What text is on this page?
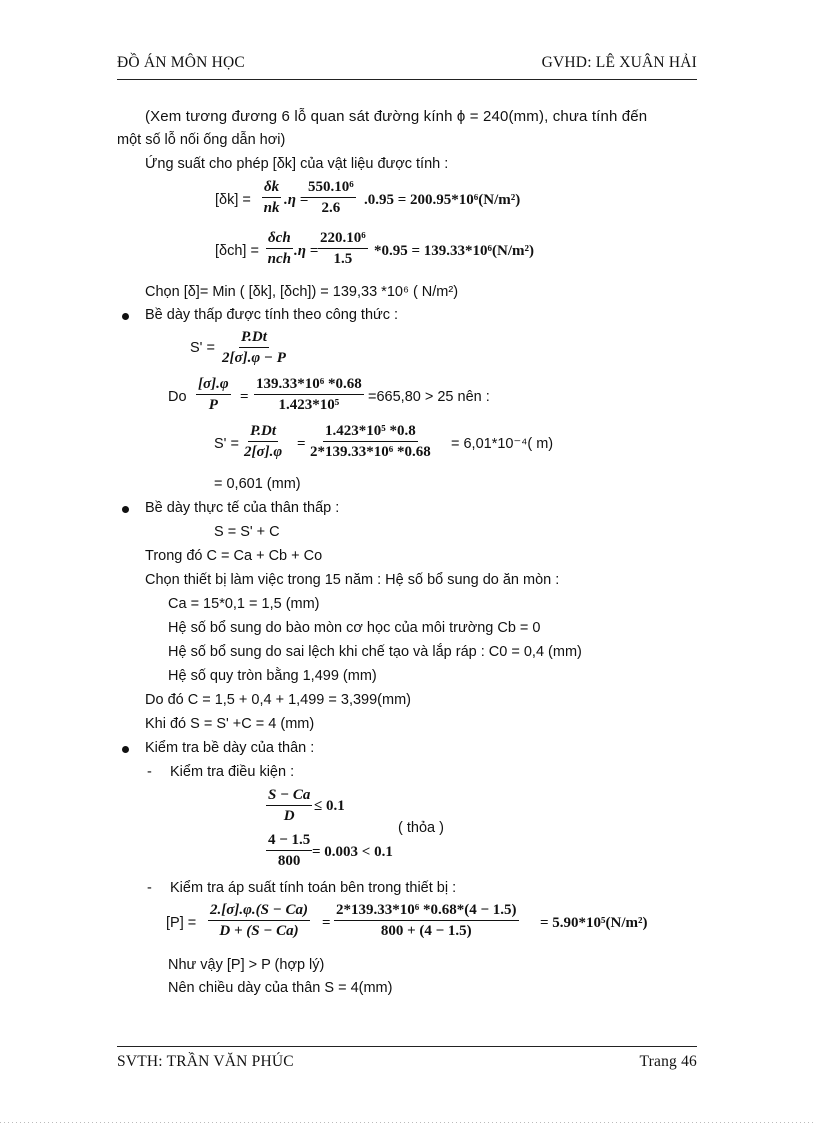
ĐỒ ÁN MÔN HỌC	GVHD: LÊ XUÂN HẢI
(Xem tương đương 6 lỗ quan sát đường kính ϕ = 240(mm), chưa tính đến
một số lỗ nối ống dẫn hơi)
Ứng suất cho phép [δk] của vật liệu được tính :
[δk] =
δk
nk .η =
550.10⁶
2.6 .0.95 = 200.95*10⁶(N/m²)
[δch] =
δch
nch .η =
220.10⁶
1.5 *0.95 = 139.33*10⁶(N/m²)
Chọn [δ]= Min ( [δk], [δch]) = 139,33 *10⁶ ( N/m²)
Bề dày thấp được tính theo công thức :
$S' = \frac{P.Dt}{2[\sigma].\varphi - P}$
Do
[σ].φ
P =
139.33*10⁶ *0.68
1.423*10⁵ =665,80 > 25 nên :
S' =
P.Dt
2[σ].φ =
1.423*10⁵ *0.8
2*139.33*10⁶ *0.68 = 6,01*10⁻⁴( m)
= 0,601 (mm)
Bề dày thực tế của thân thấp :
S = S' + C
Trong đó C = Ca + Cb + Co
Chọn thiết bị làm việc trong 15 năm : Hệ số bổ sung do ăn mòn :
Ca = 15*0,1 = 1,5 (mm)
Hệ số bổ sung do bào mòn cơ học của môi trường Cb = 0
Hệ số bổ sung do sai lệch khi chế tạo và lắp ráp : C0 = 0,4 (mm)
Hệ số quy tròn bằng 1,499 (mm)
Do đó C = 1,5 + 0,4 + 1,499 = 3,399(mm)
Khi đó S = S' +C = 4 (mm)
Kiểm tra bề dày của thân :
- Kiểm tra điều kiện :
$\frac{S - Ca}{D} \le 0.1$
( thỏa )
$\frac{4 - 1.5}{800} = 0.003 < 0.1$
- Kiểm tra áp suất tính toán bên trong thiết bị :
[P] =
2.[σ].φ.(S − Ca)
D + (S − Ca) =
2*139.33*10⁶ *0.68*(4 − 1.5)
800 + (4 − 1.5)	= 5.90*10⁵(N/m²)
Như vậy [P] > P (hợp lý)
Nên chiều dày của thân S = 4(mm)
SVTH: TRẦN VĂN PHÚC	Trang 46
